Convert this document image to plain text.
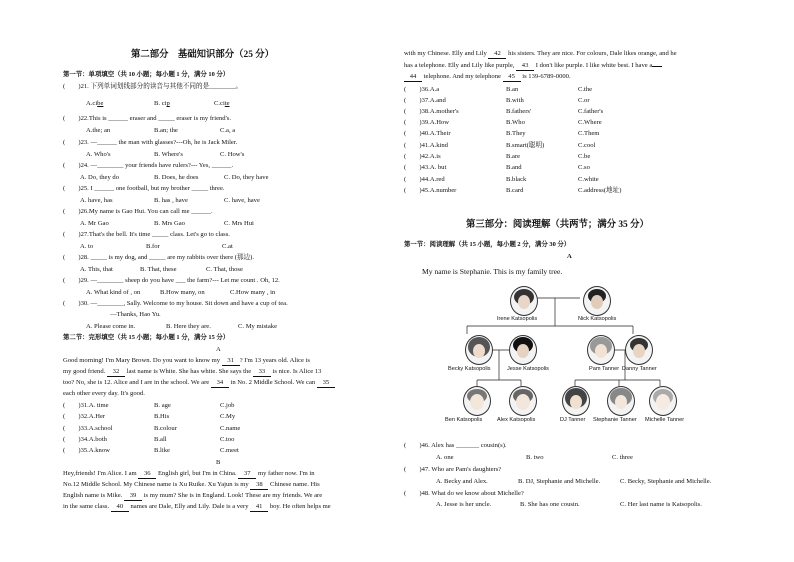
第二部分　基础知识部分（25 分）
第一节：单项填空（共 10 小题；每小题 1 分，满分 10 分）
(　　)21. 下列单词划线部分的读音与其他不同的是________。
A.cibe	B. cip	C.cite
(　　)22.This is ______ eraser and _____ eraser is my friend's.
A.the; an	B.an; the	C.a, a
(　　)23. —______ the man with glasses?---Oh, he is Jack Miler.
A. Who's	B. Where's	C. How's
(　　)24. —________ your friends have rulers?--- Yes, ______.
A. Do, they do	B. Does, he does	C. Do, they have
(　　)25. I ______ one football, but my brother _____ three.
A. have, has	B. has , have	C. have, have
(　　)26.My name is Gao Hui. You can call me ______.
A. Mr Gao	B. Mrs Gao	C. Mrs Hui
(　　)27.That's the bell. It's time _____ class. Let's go to class.
A. to	B.for	C.at
(　　)28. _____ is my dog, and _____ are my rabbits over there (那边).
A. This, that	B. That, these	C. That, those
(　　)29. —________ sheep do you have ___ the farm?--- Let me count . Oh, 12.
A. What kind of , on	B.How many, on	C.How many , in
(　　)30. —________, Sally. Welcome to my house. Sit down and have a cup of tea.
—Thanks, Hao Yu.
A. Please come in.	B. Here they are.	C. My mistake
第二节：完形填空（共 15 小题；每小题 1 分，满分 15 分）
A
Good morning! I'm Mary Brown. Do you want to know my 31 ? I'm 13 years old. Alice is
my good friend. 32 last name is White. She has white. She says the 33 is nice. Is Alice 13
too? No, she is 12. Alice and I are in the school. We are 34 in No. 2 Middle School. We can 35
each other every day. It's good.
(　　)31.A. time	B. age	C.job
(　　)32.A.Her	B.His	C.My
(　　)33.A.school	B.colour	C.name
(　　)34.A.both	B.all	C.too
(　　)35.A.know	B.like	C.meet
B
Hey,friends! I'm Alice. I am 36 English girl, but I'm in China. 37 my father now. I'm in
No.12 Middle School. My Chinese name is Xu Ruike. Xu Yajun is my 38 Chinese name. His
English name is Mike. 39 is my mum? She is in England. Look! These are my friends. We are
in the same class. 40 names are Dale, Elly and Lily. Dale is a very 41 boy. He often helps me
with my Chinese. Elly and Lily 42 his sisters. They are nice. For colours, Dale likes orange, and he
has a telephone. Elly and Lily like purple, 43 I don't like purple. I like white best. I have a
44 telephone. And my telephone 45 is 139-6789-0000.
(　　)36.A.a	B.an	C.the
(　　)37.A.and	B.with	C.or
(　　)38.A.mother's	B.fathers'	C.father's
(　　)39.A.How	B.Who	C.Where
(　　)40.A.Their	B.They	C.Them
(　　)41.A.kind	B.smart(聪明)	C.cool
(　　)42.A.is	B.are	C.be
(　　)43.A. but	B.and	C.so
(　　)44.A.red	B.black	C.white
(　　)45.A.number	B.card	C.address(地址)
第三部分：阅读理解（共两节；满分 35 分）
第一节：阅读理解（共 15 小题，每小题 2 分，满分 30 分）
A
My name is Stephanie. This is my family tree.
Irene Katsopolis	Nick Katsopolis
Becky Katsopolis	Jesse Katsopolis	Pam Tanner Danny Tanner
Ben Katsopolis	Alex Katsopolis	DJ Tanner Stephanie Tanner Michelle Tanner
(　　)46. Alex has _______ cousin(s).
A. one	B. two	C. three
(　　)47. Who are Pam's daughters?
A. Becky and Alex.	B. DJ, Stephanie and Michelle.	C. Becky, Stephanie and Michelle.
(　　)48. What do we know about Michelle?
A. Jesse is her uncle.	B. She has one cousin.	C. Her last name is Katsopolis.
